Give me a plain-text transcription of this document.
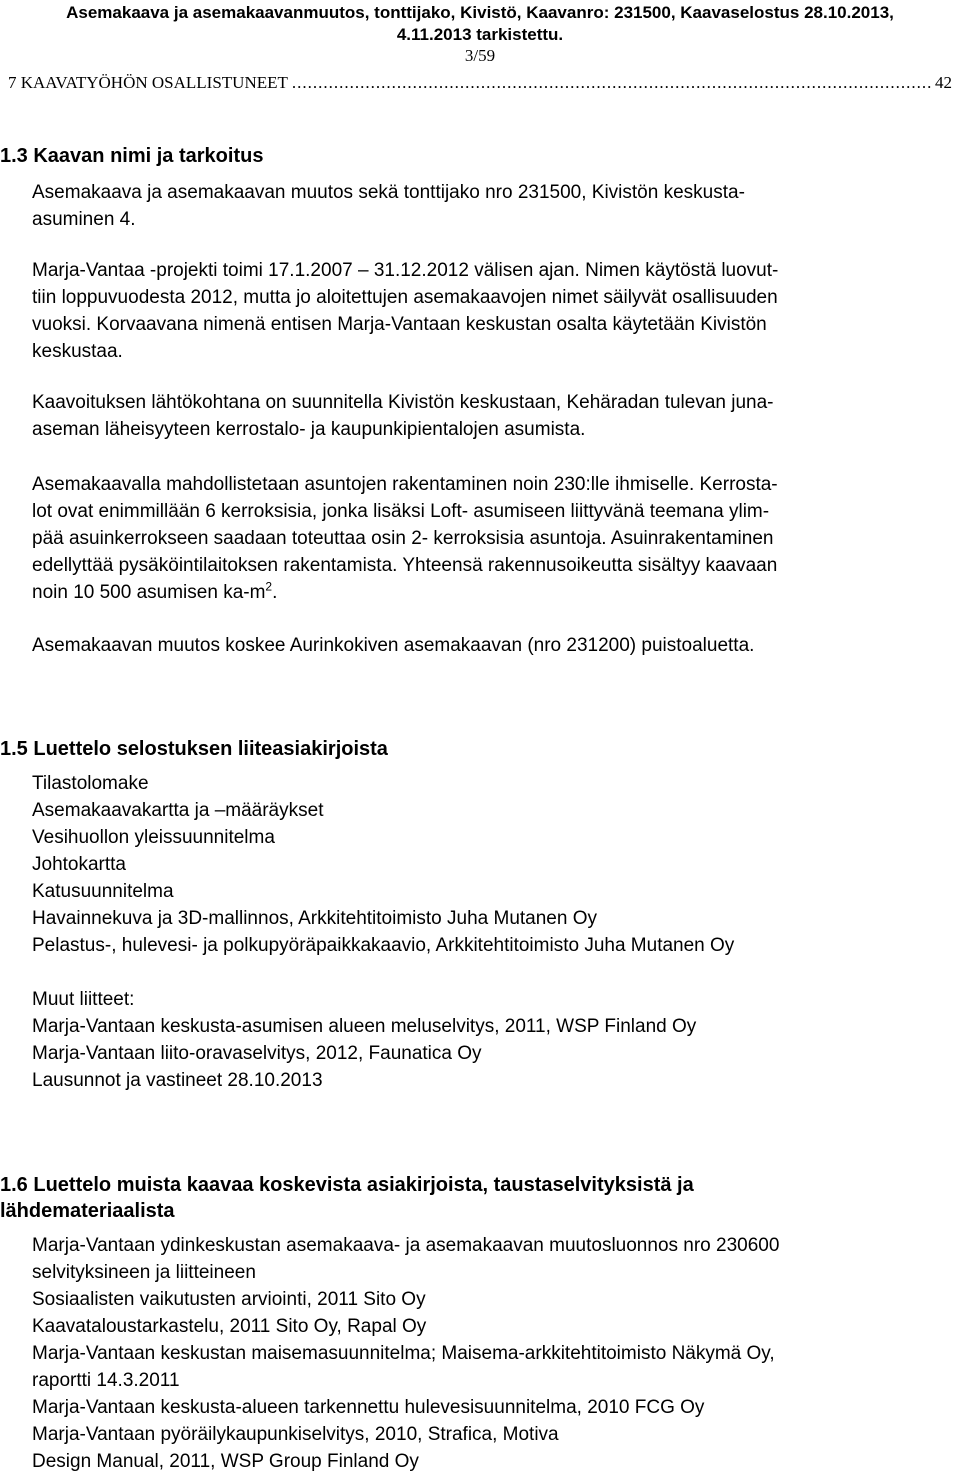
Asemakaava ja asemakaavanmuutos, tonttijako, Kivistö, Kaavanro: 231500, Kaavaselostus 28.10.2013,
4.11.2013 tarkistettu.
3/59
7 KAAVATYÖHÖN OSALLISTUNEET
.....	42
1.3 Kaavan nimi ja tarkoitus
Asemakaava ja asemakaavan muutos sekä tonttijako nro 231500, Kivistön keskusta-
asuminen 4.
Marja-Vantaa -projekti toimi 17.1.2007 – 31.12.2012 välisen ajan. Nimen käytöstä luovut-
tiin loppuvuodesta 2012, mutta jo aloitettujen asemakaavojen nimet säilyvät osallisuuden
vuoksi. Korvaavana nimenä entisen Marja-Vantaan keskustan osalta käytetään Kivistön
keskustaa.
Kaavoituksen lähtökohtana on suunnitella Kivistön keskustaan, Kehäradan tulevan juna-
aseman läheisyyteen kerrostalo- ja kaupunkipientalojen asumista.
Asemakaavalla mahdollistetaan asuntojen rakentaminen noin 230:lle ihmiselle. Kerrosta-
lot ovat enimmillään 6 kerroksisia, jonka lisäksi Loft- asumiseen liittyvänä teemana ylim-
pää asuinkerrokseen saadaan toteuttaa osin 2- kerroksisia asuntoja. Asuinrakentaminen
edellyttää pysäköintilaitoksen rakentamista. Yhteensä rakennusoikeutta sisältyy kaavaan
noin 10 500 asumisen $ka-m^2$.
Asemakaavan muutos koskee Aurinkokiven asemakaavan (nro 231200) puistoaluetta.
1.5 Luettelo selostuksen liiteasiakirjoista
Tilastolomake
Asemakaavakartta ja –määräykset
Vesihuollon yleissuunnitelma
Johtokartta
Katusuunnitelma
Havainnekuva ja 3D-mallinnos, Arkkitehtitoimisto Juha Mutanen Oy
Pelastus-, hulevesi- ja polkupyöräpaikkakaavio, Arkkitehtitoimisto Juha Mutanen Oy
Muut liitteet:
Marja-Vantaan keskusta-asumisen alueen meluselvitys, 2011, WSP Finland Oy
Marja-Vantaan liito-oravaselvitys, 2012, Faunatica Oy
Lausunnot ja vastineet 28.10.2013
1.6 Luettelo muista kaavaa koskevista asiakirjoista, taustaselvityksistä ja
lähdemateriaalista
Marja-Vantaan ydinkeskustan asemakaava- ja asemakaavan muutosluonnos nro 230600
selvityksineen ja liitteineen
Sosiaalisten vaikutusten arviointi, 2011 Sito Oy
Kaavataloustarkastelu, 2011 Sito Oy, Rapal Oy
Marja-Vantaan keskustan maisemasuunnitelma; Maisema-arkkitehtitoimisto Näkymä Oy,
raportti 14.3.2011
Marja-Vantaan keskusta-alueen tarkennettu hulevesisuunnitelma, 2010 FCG Oy
Marja-Vantaan pyöräilykaupunkiselvitys, 2010, Strafica, Motiva
Design Manual, 2011, WSP Group Finland Oy
